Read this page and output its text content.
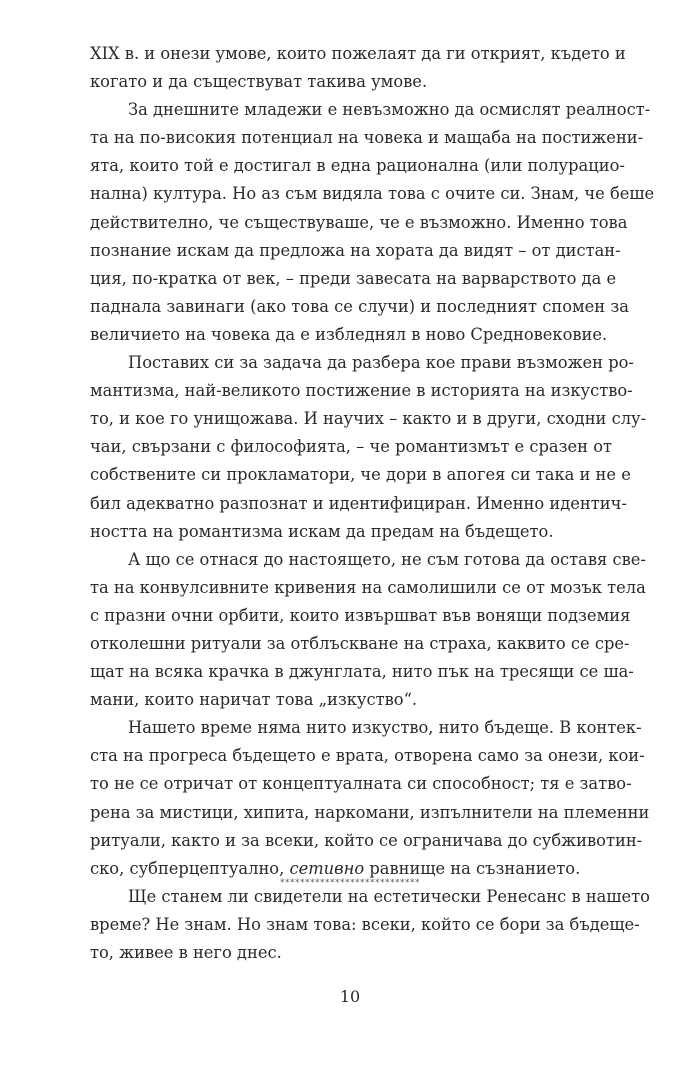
XIX в. и онези умове, които пожелаят да ги открият, където и
когато и да съществуват такива умове.

За днешните младежи е невъзможно да осмислят реалност-
та на по-високия потенциал на човека и мащаба на постижени-
ята, които той е достигал в една рационална (или полурацио-
нална) култура. Но аз съм видяла това с очите си. Знам, че беше
действително, че съществуваше, че е възможно. Именно това
познание искам да предложа на хората да видят – от дистан-
ция, по-кратка от век, – преди завесата на варварството да е
паднала завинаги (ако това се случи) и последният спомен за
величието на човека да е избледнял в ново Средновековие.

Поставих си за задача да разбера кое прави възможен ро-
мантизма, най-великото постижение в историята на изкуство-
то, и кое го унищожава. И научих – както и в други, сходни слу-
чаи, свързани с философията, – че романтизмът е сразен от
собствените си прокламатори, че дори в апогея си така и не е
бил адекватно разпознат и идентифициран. Именно идентич-
ността на романтизма искам да предам на бъдещето.

А що се отнася до настоящето, не съм готова да оставя све-
та на конвулсивните кривения на самолишили се от мозък тела
с празни очни орбити, които извършват във вонящи подземия
отколешни ритуали за отблъскване на страха, каквито се сре-
щат на всяка крачка в джунглата, нито пък на тресящи се ша-
мани, които наричат това „изкуство“.

Нашето време няма нито изкуство, нито бъдеще. В контек-
ста на прогреса бъдещето е врата, отворена само за онези, кои-
то не се отричат от концептуалната си способност; тя е затво-
рена за мистици, хипита, наркомани, изпълнители на племенни
ритуали, както и за всеки, който се ограничава до субживотин-
ско, субперцептуално, сетивно равнище на съзнанието.

Ще станем ли свидетели на естетически Ренесанс в нашето
време? Не знам. Но знам това: всеки, който се бори за бъдеще-
то, живее в него днес.

****************************
10
